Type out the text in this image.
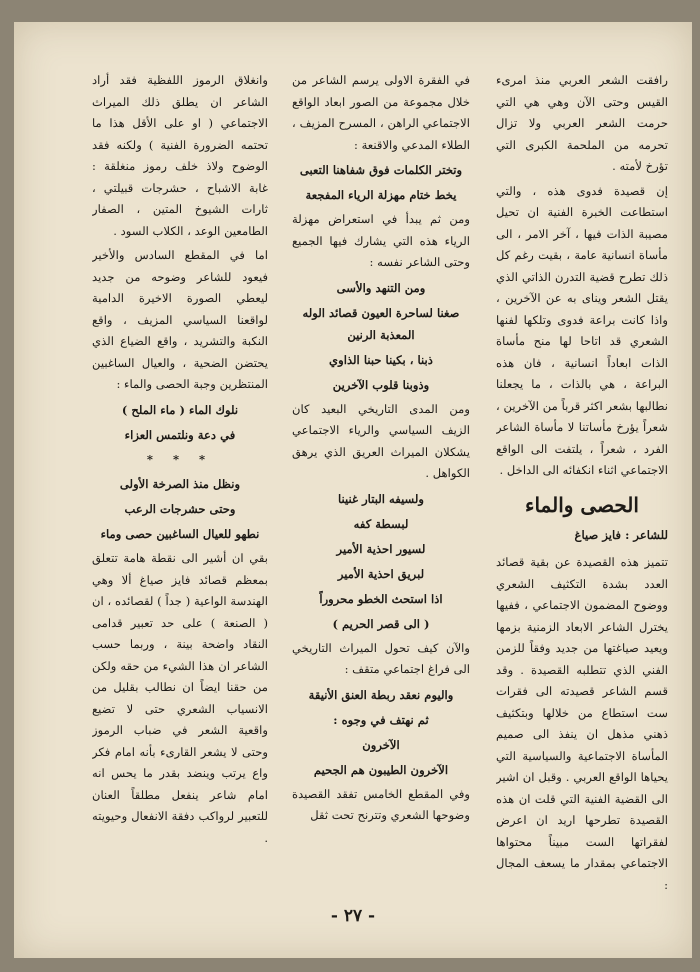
رافقت الشعر العربي منذ امرىء القيس وحتى الآن وهي هي التي حرمت الشعر العربي ولا تزال تحرمه من الملحمة الكبرى التي تؤرخ لأمته .

إن قصيدة فدوى هذه ، والتي استطاعت الخبرة الفنية ان تحيل مصيبة الذات فيها ، آخر الامر ، الى مأساة انسانية عامة ، بقيت رغم كل ذلك تطرح قضية التدرن الذاتي الذي يقتل الشعر ويناى به عن الآخرين ، واذا كانت براعة فدوى وتلكها لفنها الشعري قد اتاحا لها منح مأساة الذات ابعاداً انسانية ، فان هذه البراعة ، هي بالذات ، ما يجعلنا نطالبها بشعر اكثر قرباً من الآخرين ، شعراً يؤرخ مأساتنا لا مأساة الشاعر الفرد ، شعراً ، يلتفت الى الواقع الاجتماعي اثناء انكفائه الى الداخل .

الحصى والماء

للشاعر : فايز صياغ

تتميز هذه القصيدة عن بقية قصائد العدد بشدة التكثيف الشعري ووضوح المضمون الاجتماعي ، ففيها يخترل الشاعر الابعاد الزمنية بزمها ويعيد صياغتها من جديد وفقاً للزمن الفني الذي تتطلبه القصيدة . وقد قسم الشاعر قصيدته الى فقرات ست استطاع من خلالها وبتكثيف ذهني مذهل ان ينفذ الى صميم المأساة الاجتماعية والسياسية التي يحياها الواقع العربي . وقبل ان اشير الى القضية الفنية التي قلت ان هذه القصيدة تطرحها اريد ان اعرض لفقراتها الست مبيناً محتواها الاجتماعي بمقدار ما يسعف المجال :

في الفقرة الاولى يرسم الشاعر من خلال مجموعة من الصور ابعاد الواقع الاجتماعي الراهن ، المسرح المزيف ، الطلاء المدعي والاقنعة :

وتختر الكلمات فوق شفاهنا التعبى

يخط ختام مهزلة الرياء المفجعة

ومن ثم يبدأ في استعراض مهزلة الرياء هذه التي يشارك فيها الجميع وحتى الشاعر نفسه :

ومن التنهد والأسى

صغنا لساحرة العيون قصائد الوله المعذبة الرنين

ذبنا ، بكينا حبنا الذاوي

وذوبنا قلوب الآخرين

ومن المدى التاريخي البعيد كان الزيف السياسي والرياء الاجتماعي يشكلان الميراث العريق الذي يرهق الكواهل .

ولسيفه البتار غنينا

لبسطة كفه

لسيور احذية الأمير

لبريق احذية الأمير

اذا استحث الخطو محروراً

( الى قصر الحريم )

والآن كيف تحول الميراث التاريخي الى فراغ اجتماعي متقف :

واليوم نعقد ربطة العنق الأنيقة

ثم نهتف في وجوه :

الآخرون

الآخرون الطيبون هم الجحيم

وفي المقطع الخامس تفقد القصيدة وضوحها الشعري وتترنح تحت ثقل

وانغلاق الرموز اللفظية فقد أراد الشاعر ان يطلق ذلك الميراث الاجتماعي ( او على الأقل هذا ما تحتمه الضرورة الفنية ) ولكنه فقد الوضوح ولاذ خلف رموز منغلقة : غابة الاشباح ، حشرجات قبيلتي ، ثارات الشيوخ المتين ، الصفار الطامعين الوعد ، الكلاب السود .

اما في المقطع السادس والأخير فيعود للشاعر وضوحه من جديد ليعطي الصورة الاخيرة الدامية لواقعنا السياسي المزيف ، واقع النكبة والتشريد ، واقع الضياع الذي يحتضن الضحية ، والعيال الساغبين المنتظرين وجبة الحصى والماء :

نلوك الماء ( ماء الملح )

في دعة ونلتمس العزاء

* * *

ونظل منذ الصرخة الأولى

وحتى حشرجات الرعب

نطهو للعيال الساغبين حصى وماء

بقي ان أشير الى نقطة هامة تتعلق بمعظم قصائد فايز صياغ ألا وهي الهندسة الواعية ( جداً ) لقصائده ، ان ( الصنعة ) على حد تعبير قدامى النقاد واضحة بينة ، وربما حسب الشاعر ان هذا الشيء من حقه ولكن من حقنا ايضاً ان نطالب بقليل من الانسياب الشعري حتى لا تضيع واقعية الشعر في ضباب الرموز وحتى لا يشعر القارىء بأنه امام فكر واع يرتب وينضد بقدر ما يحس انه امام شاعر ينفعل مطلقاً العنان للتعبير لرواكب دفقة الانفعال وحيويته .

- ٢٧ -
